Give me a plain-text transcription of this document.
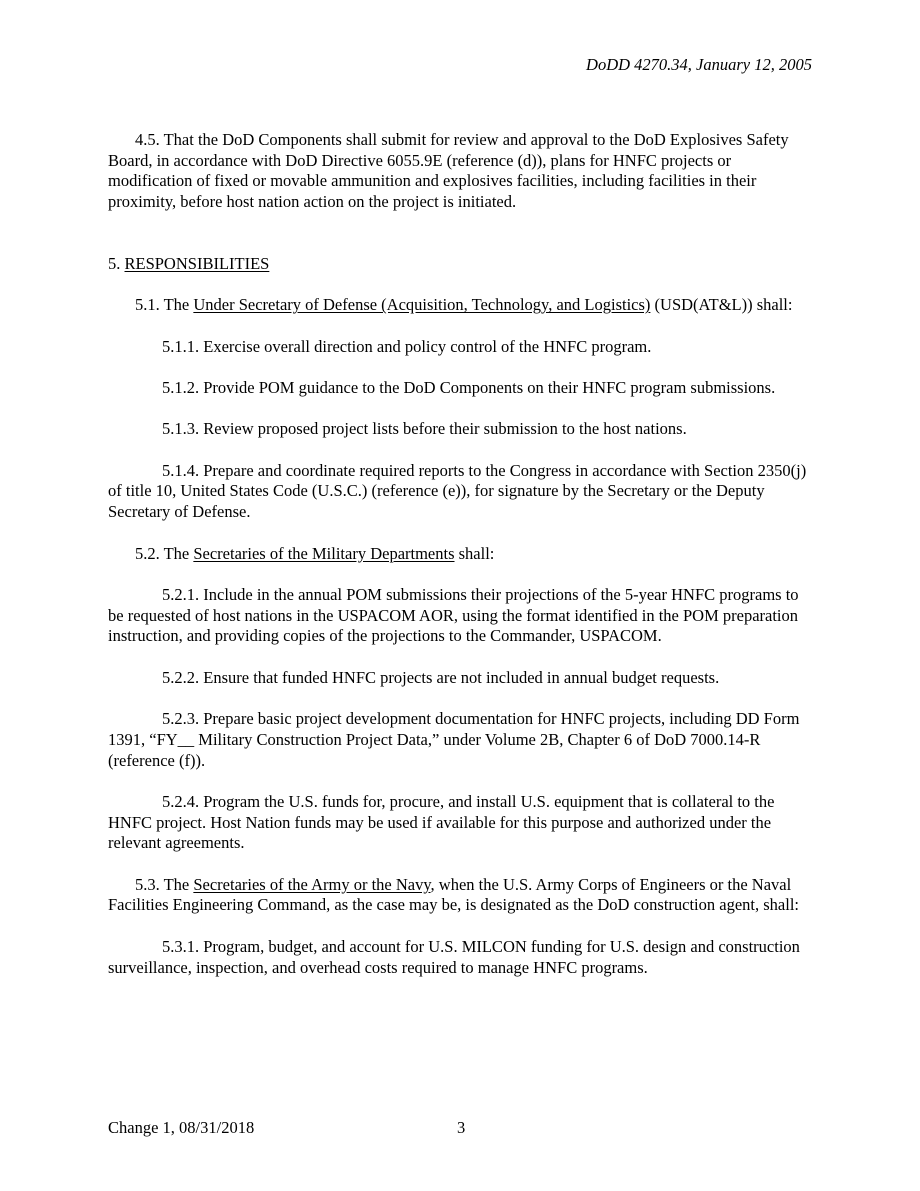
DoDD 4270.34, January 12, 2005

4.5. That the DoD Components shall submit for review and approval to the DoD Explosives Safety Board, in accordance with DoD Directive 6055.9E (reference (d)), plans for HNFC projects or modification of fixed or movable ammunition and explosives facilities, including facilities in their proximity, before host nation action on the project is initiated.

5. RESPONSIBILITIES

5.1. The Under Secretary of Defense (Acquisition, Technology, and Logistics) (USD(AT&L)) shall:

5.1.1. Exercise overall direction and policy control of the HNFC program.

5.1.2. Provide POM guidance to the DoD Components on their HNFC program submissions.

5.1.3. Review proposed project lists before their submission to the host nations.

5.1.4. Prepare and coordinate required reports to the Congress in accordance with Section 2350(j) of title 10, United States Code (U.S.C.) (reference (e)), for signature by the Secretary or the Deputy Secretary of Defense.

5.2. The Secretaries of the Military Departments shall:

5.2.1. Include in the annual POM submissions their projections of the 5-year HNFC programs to be requested of host nations in the USPACOM AOR, using the format identified in the POM preparation instruction, and providing copies of the projections to the Commander, USPACOM.

5.2.2. Ensure that funded HNFC projects are not included in annual budget requests.

5.2.3. Prepare basic project development documentation for HNFC projects, including DD Form 1391, “FY__ Military Construction Project Data,” under Volume 2B, Chapter 6 of DoD 7000.14-R (reference (f)).

5.2.4. Program the U.S. funds for, procure, and install U.S. equipment that is collateral to the HNFC project. Host Nation funds may be used if available for this purpose and authorized under the relevant agreements.

5.3. The Secretaries of the Army or the Navy, when the U.S. Army Corps of Engineers or the Naval Facilities Engineering Command, as the case may be, is designated as the DoD construction agent, shall:

5.3.1. Program, budget, and account for U.S. MILCON funding for U.S. design and construction surveillance, inspection, and overhead costs required to manage HNFC programs.

Change 1, 08/31/2018	3
